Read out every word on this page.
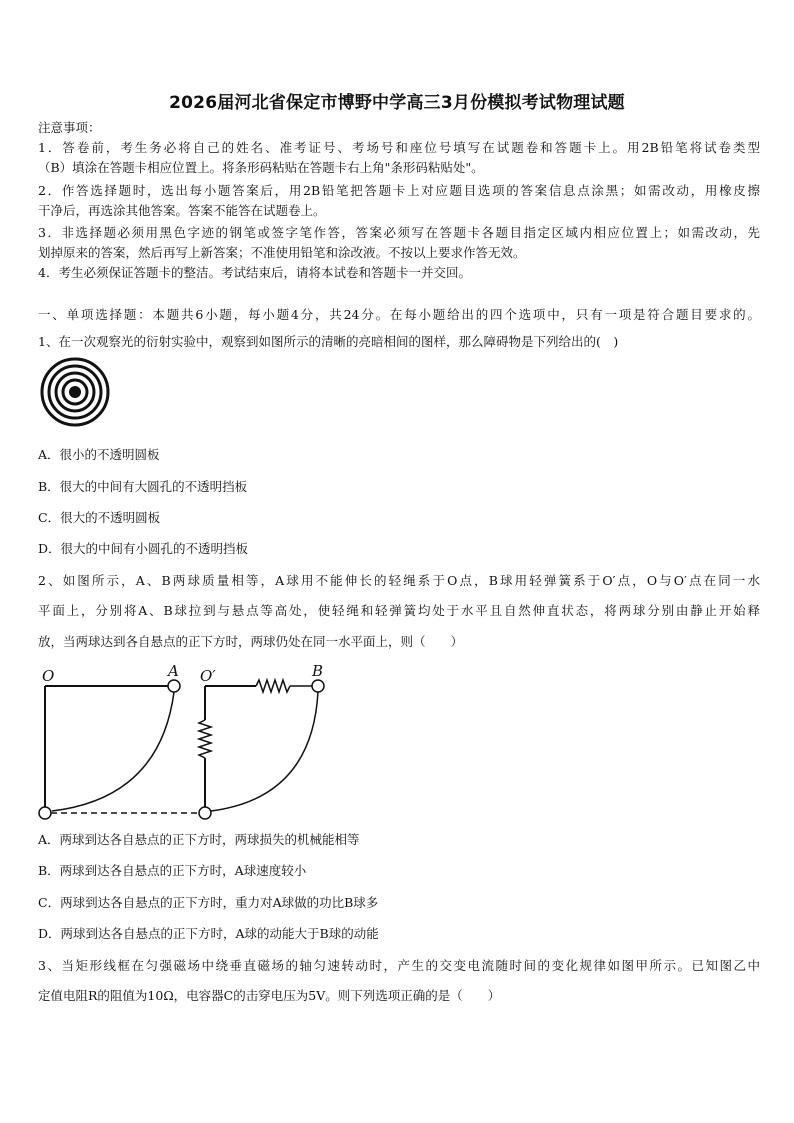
2026届河北省保定市博野中学高三3月份模拟考试物理试题
注意事项：
1．答卷前，考生务必将自己的姓名、准考证号、考场号和座位号填写在试题卷和答题卡上。用2B铅笔将试卷类型
（B）填涂在答题卡相应位置上。将条形码粘贴在答题卡右上角"条形码粘贴处"。
2．作答选择题时，选出每小题答案后，用2B铅笔把答题卡上对应题目选项的答案信息点涂黑；如需改动，用橡皮擦
干净后，再选涂其他答案。答案不能答在试题卷上。
3．非选择题必须用黑色字迹的钢笔或签字笔作答，答案必须写在答题卡各题目指定区域内相应位置上；如需改动，先
划掉原来的答案，然后再写上新答案；不准使用铅笔和涂改液。不按以上要求作答无效。
4．考生必须保证答题卡的整洁。考试结束后，请将本试卷和答题卡一并交回。
一、单项选择题：本题共6小题，每小题4分，共24分。在每小题给出的四个选项中，只有一项是符合题目要求的。
1、在一次观察光的衍射实验中，观察到如图所示的清晰的亮暗相间的图样，那么障碍物是下列给出的(　)
A．很小的不透明圆板
B．很大的中间有大圆孔的不透明挡板
C．很大的不透明圆板
D．很大的中间有小圆孔的不透明挡板
2、如图所示，A、B两球质量相等，A球用不能伸长的轻绳系于O点，B球用轻弹簧系于O′点，O与O′点在同一水
平面上，分别将A、B球拉到与悬点等高处，使轻绳和轻弹簧均处于水平且自然伸直状态，将两球分别由静止开始释
放，当两球达到各自悬点的正下方时，两球仍处在同一水平面上，则（　　）
O	A O′	B
A．两球到达各自悬点的正下方时，两球损失的机械能相等
B．两球到达各自悬点的正下方时，A球速度较小
C．两球到达各自悬点的正下方时，重力对A球做的功比B球多
D．两球到达各自悬点的正下方时，A球的动能大于B球的动能
3、当矩形线框在匀强磁场中绕垂直磁场的轴匀速转动时，产生的交变电流随时间的变化规律如图甲所示。已知图乙中
定值电阻R的阻值为10Ω，电容器C的击穿电压为5V。则下列选项正确的是（　　）
